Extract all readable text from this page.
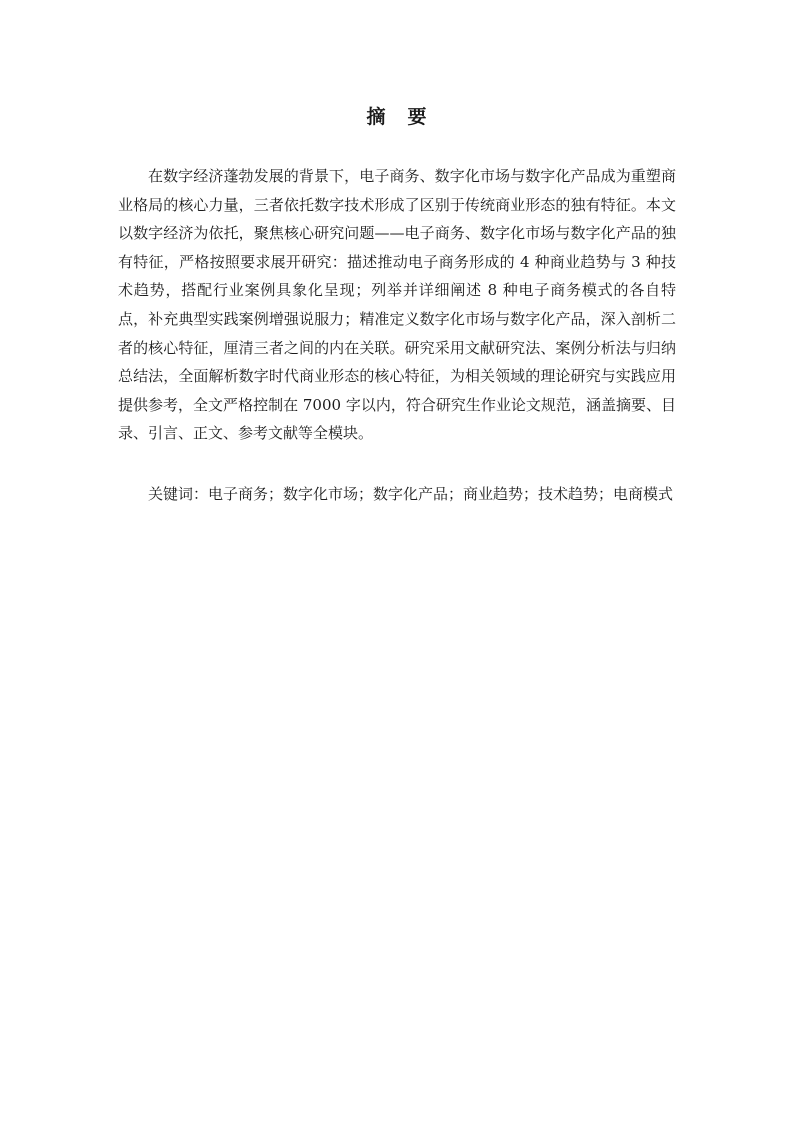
摘 要

在数字经济蓬勃发展的背景下，电子商务、数字化市场与数字化产品成为重塑商业格局的核心力量，三者依托数字技术形成了区别于传统商业形态的独有特征。本文以数字经济为依托，聚焦核心研究问题——电子商务、数字化市场与数字化产品的独有特征，严格按照要求展开研究：描述推动电子商务形成的 4 种商业趋势与 3 种技术趋势，搭配行业案例具象化呈现；列举并详细阐述 8 种电子商务模式的各自特点，补充典型实践案例增强说服力；精准定义数字化市场与数字化产品，深入剖析二者的核心特征，厘清三者之间的内在关联。研究采用文献研究法、案例分析法与归纳总结法，全面解析数字时代商业形态的核心特征，为相关领域的理论研究与实践应用提供参考，全文严格控制在 7000 字以内，符合研究生作业论文规范，涵盖摘要、目录、引言、正文、参考文献等全模块。

关键词：电子商务；数字化市场；数字化产品；商业趋势；技术趋势；电商模式
